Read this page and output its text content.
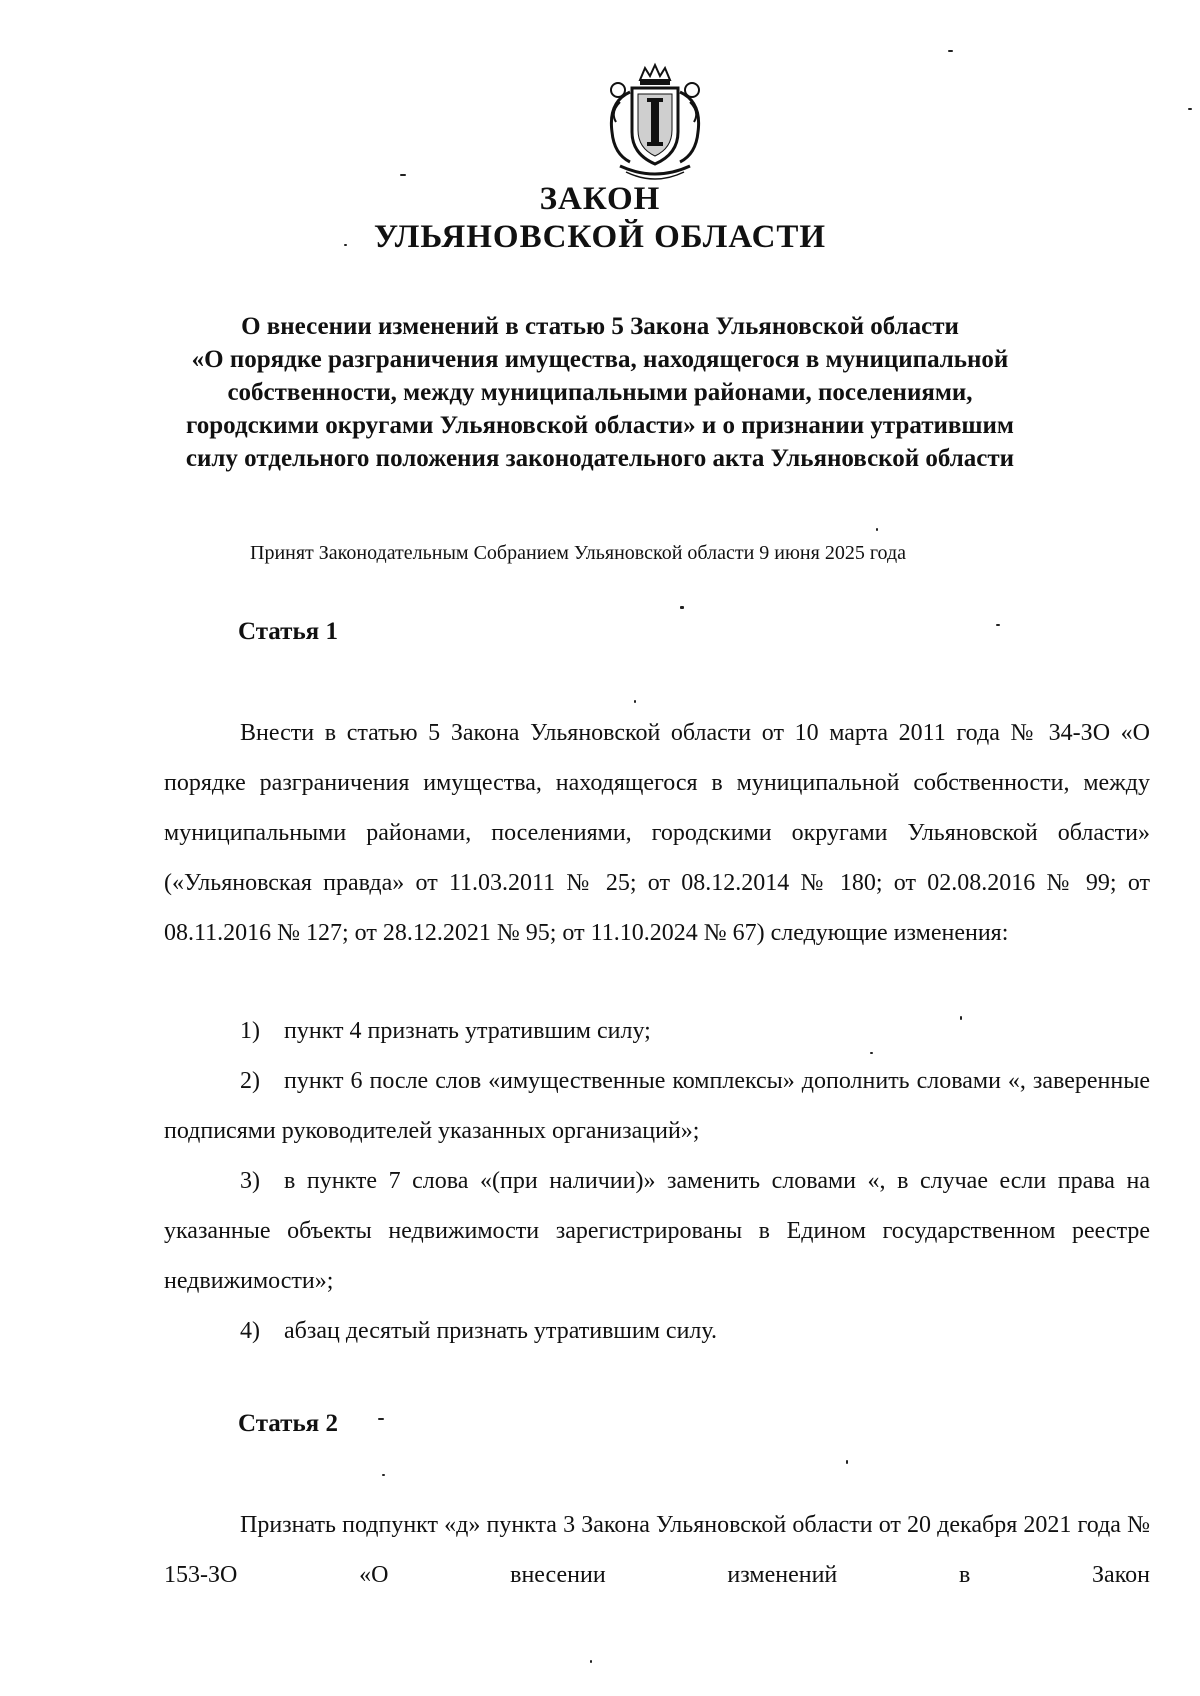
ЗАКОН
УЛЬЯНОВСКОЙ ОБЛАСТИ
О внесении изменений в статью 5 Закона Ульяновской области
«О порядке разграничения имущества, находящегося в муниципальной
собственности, между муниципальными районами, поселениями,
городскими округами Ульяновской области» и о признании утратившим
силу отдельного положения законодательного акта Ульяновской области
Принят Законодательным Собранием Ульяновской области 9 июня 2025 года
Статья 1
Внести в статью 5 Закона Ульяновской области от 10 марта 2011 года № 34-ЗО «О порядке разграничения имущества, находящегося в муниципальной собственности, между муниципальными районами, поселениями, городскими округами Ульяновской области» («Ульяновская правда» от 11.03.2011 № 25; от 08.12.2014 № 180; от 02.08.2016 № 99; от 08.11.2016 № 127; от 28.12.2021 № 95; от 11.10.2024 № 67) следующие изменения:
1) пункт 4 признать утратившим силу;
2) пункт 6 после слов «имущественные комплексы» дополнить словами «, заверенные подписями руководителей указанных организаций»;
3) в пункте 7 слова «(при наличии)» заменить словами «, в случае если права на указанные объекты недвижимости зарегистрированы в Едином государственном реестре недвижимости»;
4) абзац десятый признать утратившим силу.
Статья 2
Признать подпункт «д» пункта 3 Закона Ульяновской области от 20 декабря 2021 года № 153-ЗО «О внесении изменений в Закон
